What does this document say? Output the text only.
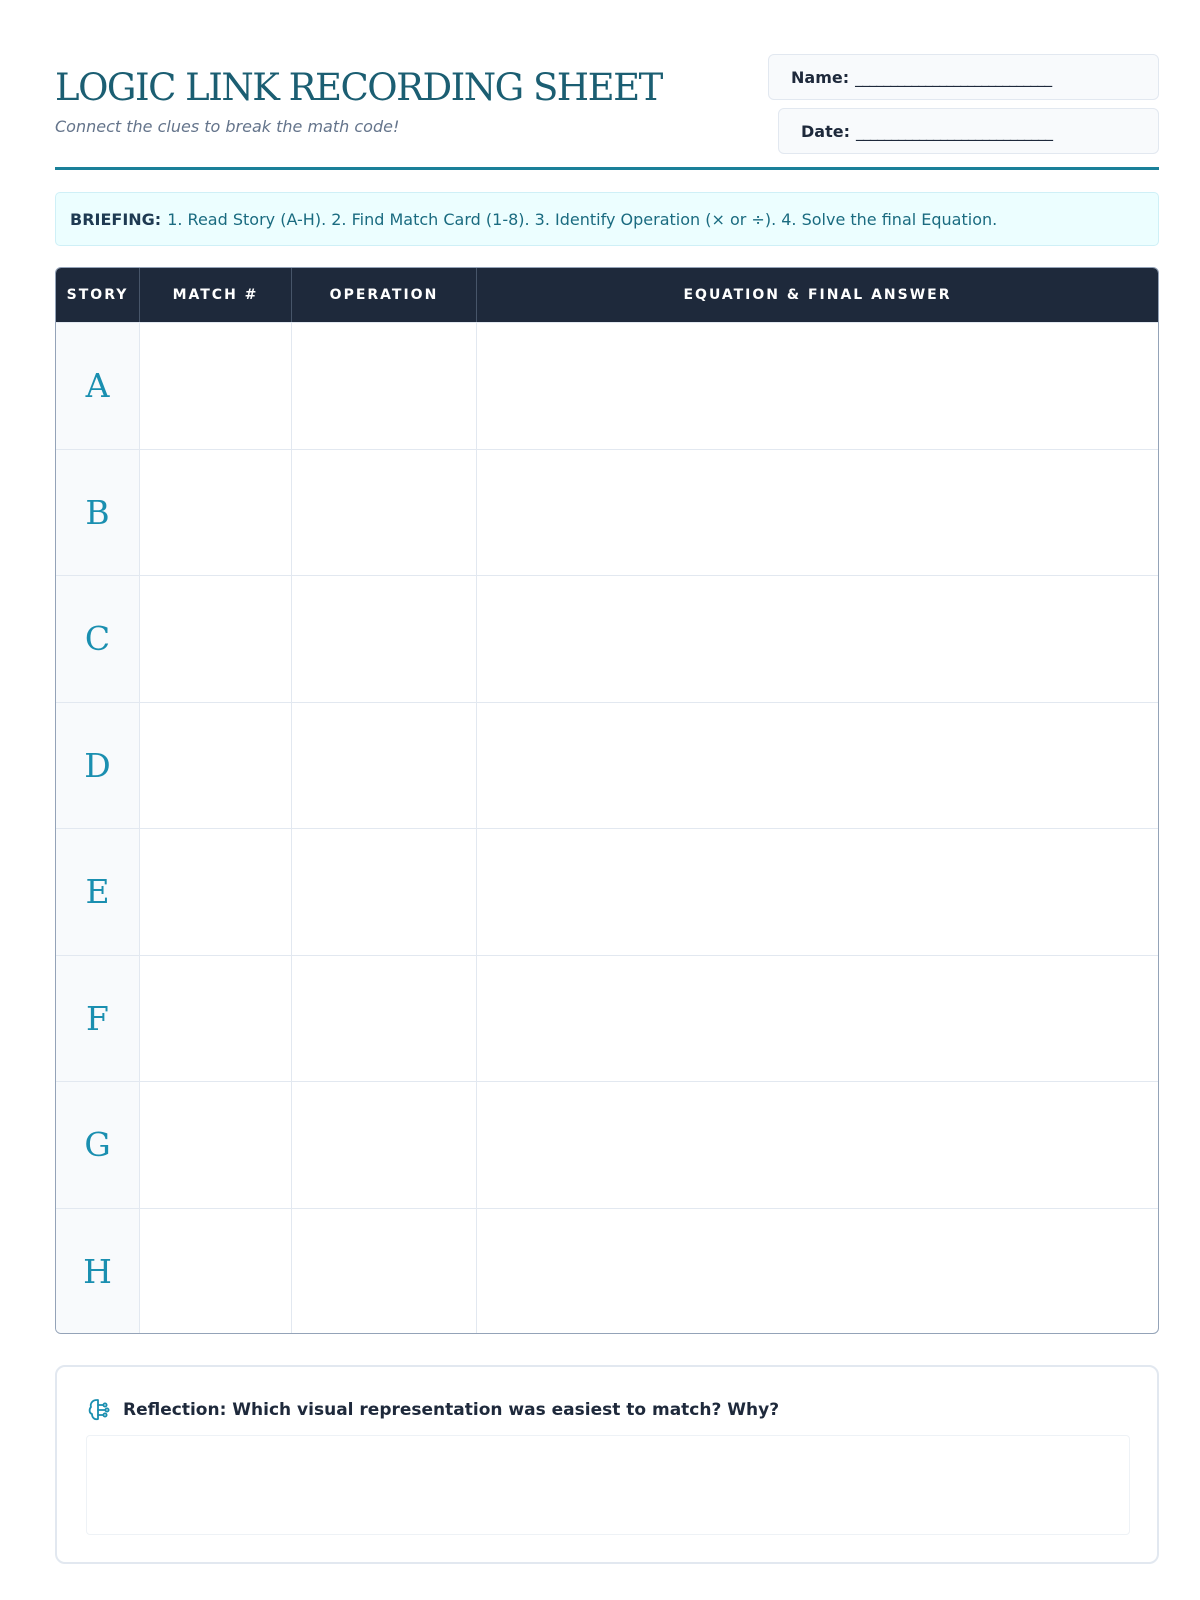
LOGIC LINK RECORDING SHEET
Connect the clues to break the math code!
Name: ____________________________
Date: ____________________________
BRIEFING: 1. Read Story (A-H). 2. Find Match Card (1-8). 3. Identify Operation (× or ÷). 4. Solve the final Equation.
STORY	MATCH #	OPERATION	EQUATION & FINAL ANSWER
A
B
C
D
E
F
G
H
Reflection: Which visual representation was easiest to match? Why?
